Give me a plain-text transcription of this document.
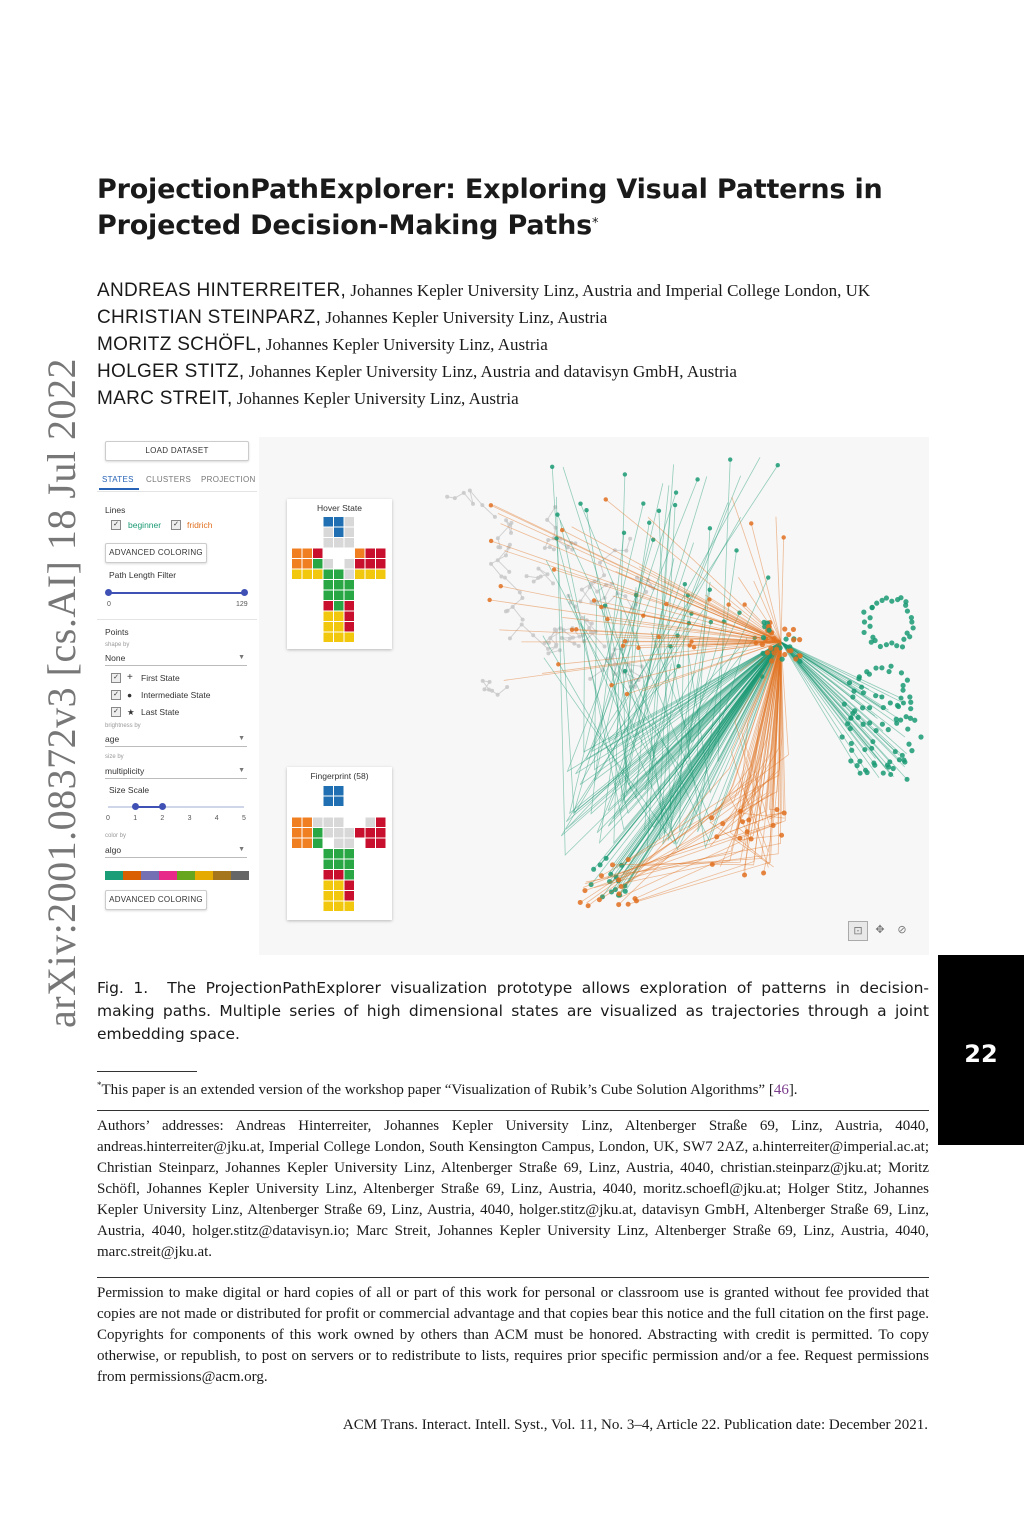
ProjectionPathExplorer: Exploring Visual Patterns in
Projected Decision-Making Paths*
ANDREAS HINTERREITER, Johannes Kepler University Linz, Austria and Imperial College London, UK
CHRISTIAN STEINPARZ, Johannes Kepler University Linz, Austria
MORITZ SCHÖFL, Johannes Kepler University Linz, Austria
HOLGER STITZ, Johannes Kepler University Linz, Austria and datavisyn GmbH, Austria
MARC STREIT, Johannes Kepler University Linz, Austria
arXiv:2001.08372v3 [cs.AI] 18 Jul 2022	LOAD DATASET
STATES CLUSTERS PROJECTION
Lines
✓ beginner ✓ fridrich
ADVANCED COLORING
Path Length Filter
0	129
Points
shape by
None	▼
✓ + First State
✓ ● Intermediate State
✓ ★ Last State
brightness by
age	▼
size by
multiplicity	▼
Size Scale
0	1	2	3	4	5
color by
algo	▼
ADVANCED COLORING
⊡	✥	⊘
Hover State
Fingerprint (58)
Fig. 1. The ProjectionPathExplorer visualization prototype allows exploration of patterns in decision-making paths. Multiple series of high dimensional states are visualized as trajectories through a joint embedding space.
*This paper is an extended version of the workshop paper “Visualization of Rubik’s Cube Solution Algorithms” [46].
Authors’ addresses: Andreas Hinterreiter, Johannes Kepler University Linz, Altenberger Straße 69, Linz, Austria, 4040, andreas.hinterreiter@jku.at, Imperial College London, South Kensington Campus, London, UK, SW7 2AZ, a.hinterreiter@imperial.ac.at; Christian Steinparz, Johannes Kepler University Linz, Altenberger Straße 69, Linz, Austria, 4040, christian.steinparz@jku.at; Moritz Schöfl, Johannes Kepler University Linz, Altenberger Straße 69, Linz, Austria, 4040, moritz.schoefl@jku.at; Holger Stitz, Johannes Kepler University Linz, Altenberger Straße 69, Linz, Austria, 4040, holger.stitz@jku.at, datavisyn GmbH, Altenberger Straße 69, Linz, Austria, 4040, holger.stitz@datavisyn.io; Marc Streit, Johannes Kepler University Linz, Altenberger Straße 69, Linz, Austria, 4040, marc.streit@jku.at.
Permission to make digital or hard copies of all or part of this work for personal or classroom use is granted without fee provided that copies are not made or distributed for profit or commercial advantage and that copies bear this notice and the full citation on the first page. Copyrights for components of this work owned by others than ACM must be honored. Abstracting with credit is permitted. To copy otherwise, or republish, to post on servers or to redistribute to lists, requires prior specific permission and/or a fee. Request permissions from permissions@acm.org.
ACM Trans. Interact. Intell. Syst., Vol. 11, No. 3–4, Article 22. Publication date: December 2021.
22
